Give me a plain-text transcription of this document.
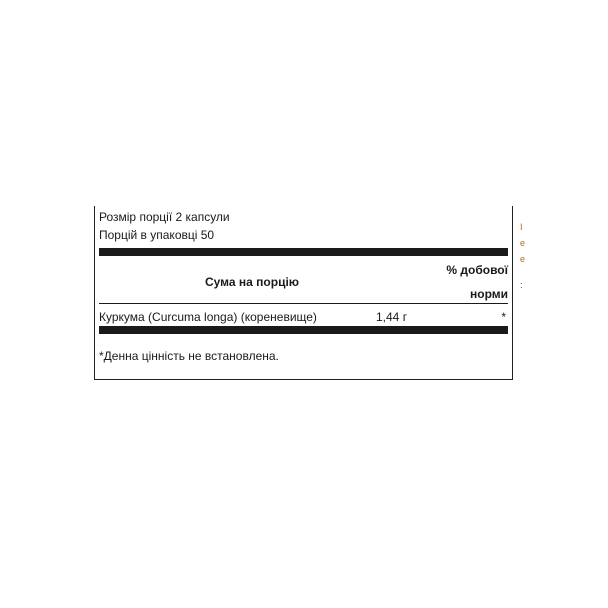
Розмір порції 2 капсули
Порцій в упаковці 50
Сума на порцію
% добової
норми
Куркума (Curcuma longa) (кореневище)	1,44 г	*
*Денна цінність не встановлена.
I
e
e
:
